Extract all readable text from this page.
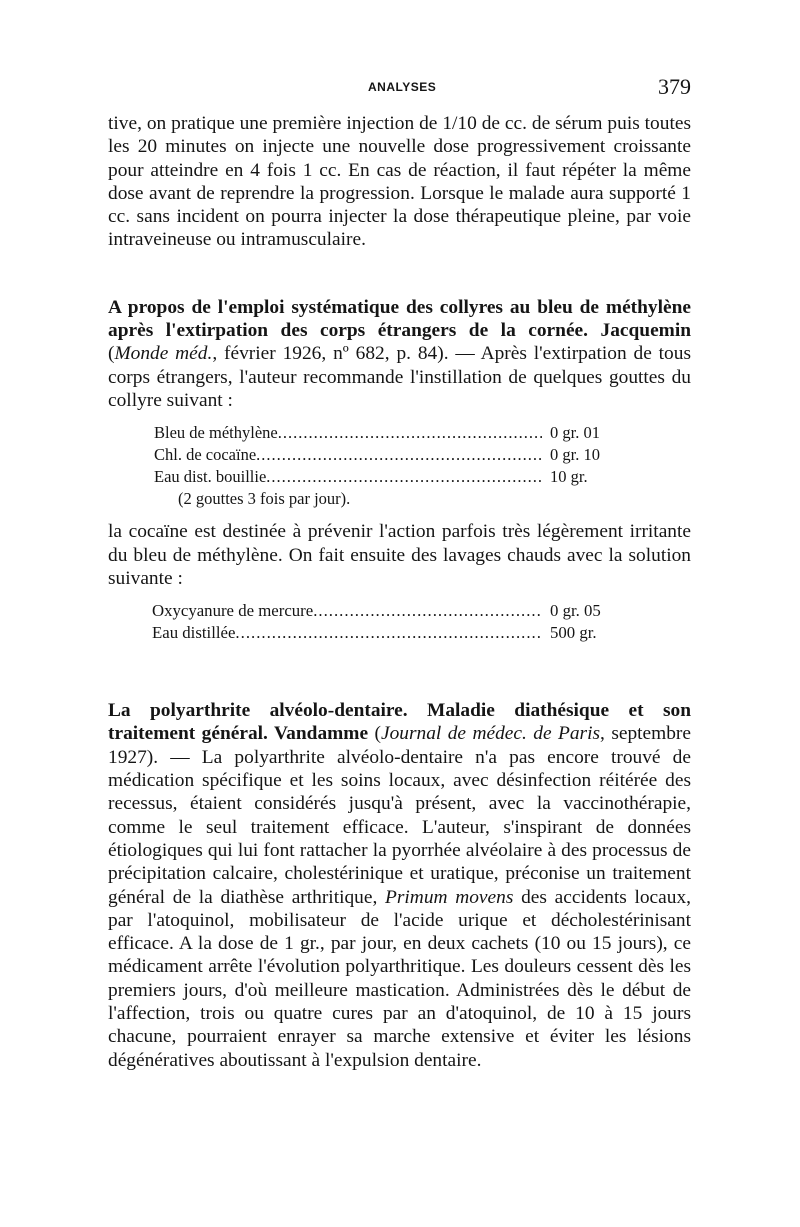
ANALYSES	379

tive, on pratique une première injection de 1/10 de cc. de sérum puis toutes les 20 minutes on injecte une nouvelle dose progressivement croissante pour atteindre en 4 fois 1 cc. En cas de réaction, il faut répéter la même dose avant de reprendre la progression. Lorsque le malade aura supporté 1 cc. sans incident on pourra injecter la dose thérapeutique pleine, par voie intraveineuse ou intramusculaire.

A propos de l'emploi systématique des collyres au bleu de méthylène après l'extirpation des corps étrangers de la cornée. Jacquemin (Monde méd., février 1926, nº 682, p. 84). — Après l'extirpation de tous corps étrangers, l'auteur recommande l'instillation de quelques gouttes du collyre suivant :

Bleu de méthylène .....	0 gr. 01
Chl. de cocaïne .....	0 gr. 10
Eau dist. bouillie .....	10 gr.
(2 gouttes 3 fois par jour).

la cocaïne est destinée à prévenir l'action parfois très légèrement irritante du bleu de méthylène. On fait ensuite des lavages chauds avec la solution suivante :

Oxycyanure de mercure .....	0 gr. 05
Eau distillée .....	500 gr.

La polyarthrite alvéolo-dentaire. Maladie diathésique et son traitement général. Vandamme (Journal de médec. de Paris, septembre 1927). — La polyarthrite alvéolo-dentaire n'a pas encore trouvé de médication spécifique et les soins locaux, avec désinfection réitérée des recessus, étaient considérés jusqu'à présent, avec la vaccinothérapie, comme le seul traitement efficace. L'auteur, s'inspirant de données étiologiques qui lui font rattacher la pyorrhée alvéolaire à des processus de précipitation calcaire, cholestérinique et uratique, préconise un traitement général de la diathèse arthritique, Primum movens des accidents locaux, par l'atoquinol, mobilisateur de l'acide urique et décholestérinisant efficace. A la dose de 1 gr., par jour, en deux cachets (10 ou 15 jours), ce médicament arrête l'évolution polyarthritique. Les douleurs cessent dès les premiers jours, d'où meilleure mastication. Administrées dès le début de l'affection, trois ou quatre cures par an d'atoquinol, de 10 à 15 jours chacune, pourraient enrayer sa marche extensive et éviter les lésions dégénératives aboutissant à l'expulsion dentaire.
